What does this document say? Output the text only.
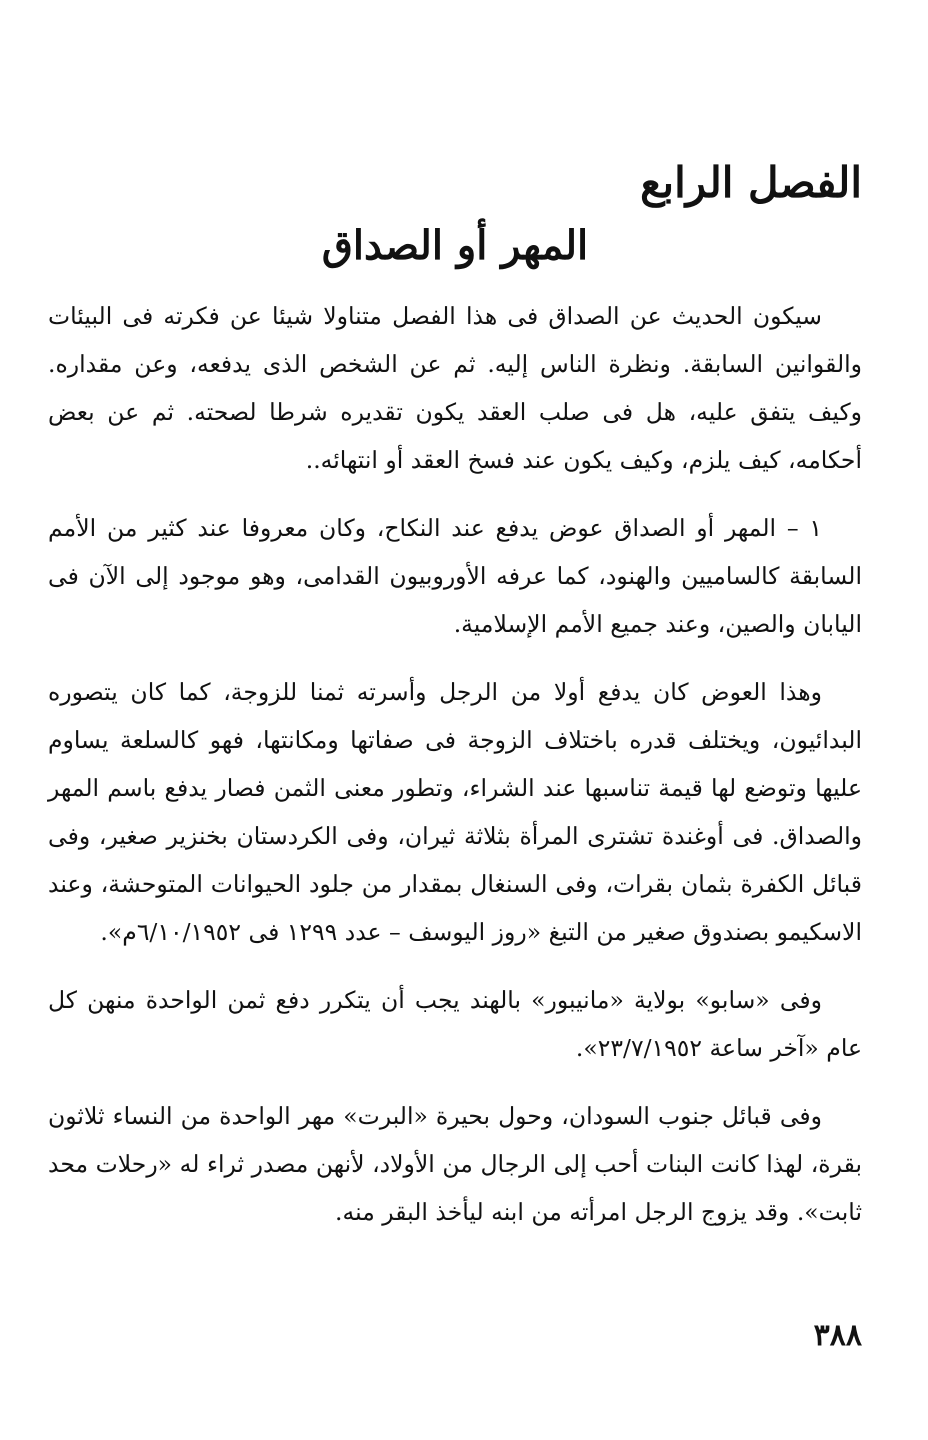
الفصل الرابع
المهر أو الصداق

سيكون الحديث عن الصداق فى هذا الفصل متناولا شيئا عن فكرته فى البيئات والقوانين السابقة. ونظرة الناس إليه. ثم عن الشخص الذى يدفعه، وعن مقداره. وكيف يتفق عليه، هل فى صلب العقد يكون تقديره شرطا لصحته. ثم عن بعض أحكامه، كيف يلزم، وكيف يكون عند فسخ العقد أو انتهائه..

١ – المهر أو الصداق عوض يدفع عند النكاح، وكان معروفا عند كثير من الأمم السابقة كالساميين والهنود، كما عرفه الأوروبيون القدامى، وهو موجود إلى الآن فى اليابان والصين، وعند جميع الأمم الإسلامية.

وهذا العوض كان يدفع أولا من الرجل وأسرته ثمنا للزوجة، كما كان يتصوره البدائيون، ويختلف قدره باختلاف الزوجة فى صفاتها ومكانتها، فهو كالسلعة يساوم عليها وتوضع لها قيمة تناسبها عند الشراء، وتطور معنى الثمن فصار يدفع باسم المهر والصداق. فى أوغندة تشترى المرأة بثلاثة ثيران، وفى الكردستان بخنزير صغير، وفى قبائل الكفرة بثمان بقرات، وفى السنغال بمقدار من جلود الحيوانات المتوحشة، وعند الاسكيمو بصندوق صغير من التبغ «روز اليوسف – عدد ١٢٩٩ فى ٦/١٠/١٩٥٢م».

وفى «سابو» بولاية «مانيبور» بالهند يجب أن يتكرر دفع ثمن الواحدة منهن كل عام «آخر ساعة ٢٣/٧/١٩٥٢».

وفى قبائل جنوب السودان، وحول بحيرة «البرت» مهر الواحدة من النساء ثلاثون بقرة، لهذا كانت البنات أحب إلى الرجال من الأولاد، لأنهن مصدر ثراء له «رحلات محد ثابت». وقد يزوج الرجل امرأته من ابنه ليأخذ البقر منه.

٣٨٨
